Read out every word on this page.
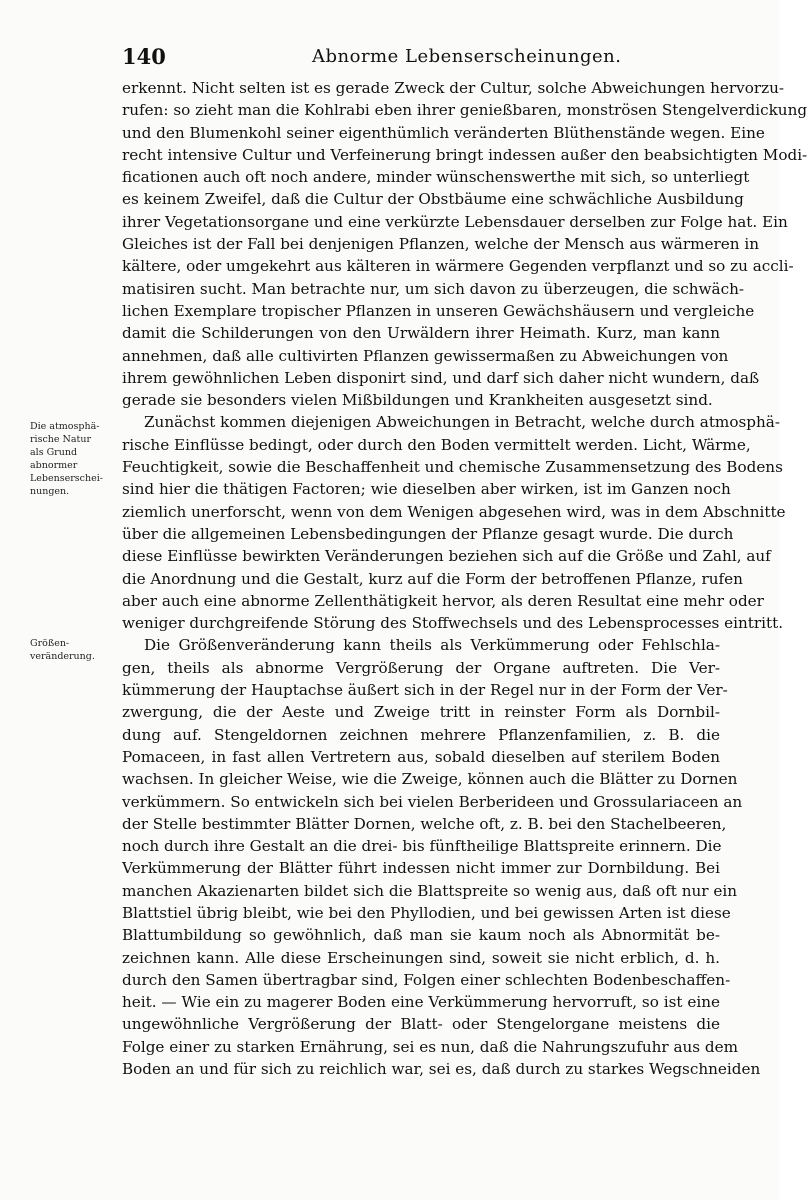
140	Abnorme Lebenserscheinungen.
Die atmosphä-
rische Natur
als Grund
abnormer
Lebenserschei-
nungen.
Größen-
veränderung.
erkennt. Nicht selten ist es gerade Zweck der Cultur, solche Abweichungen hervorzu-
rufen: so zieht man die Kohlrabi eben ihrer genießbaren, monströsen Stengelverdickung
und den Blumenkohl seiner eigenthümlich veränderten Blüthenstände wegen. Eine
recht intensive Cultur und Verfeinerung bringt indessen außer den beabsichtigten Modi-
ficationen auch oft noch andere, minder wünschenswerthe mit sich, so unterliegt
es keinem Zweifel, daß die Cultur der Obstbäume eine schwächliche Ausbildung
ihrer Vegetationsorgane und eine verkürzte Lebensdauer derselben zur Folge hat. Ein
Gleiches ist der Fall bei denjenigen Pflanzen, welche der Mensch aus wärmeren in
kältere, oder umgekehrt aus kälteren in wärmere Gegenden verpflanzt und so zu accli-
matisiren sucht. Man betrachte nur, um sich davon zu überzeugen, die schwäch-
lichen Exemplare tropischer Pflanzen in unseren Gewächshäusern und vergleiche
damit die Schilderungen von den Urwäldern ihrer Heimath. Kurz, man kann
annehmen, daß alle cultivirten Pflanzen gewissermaßen zu Abweichungen von
ihrem gewöhnlichen Leben disponirt sind, und darf sich daher nicht wundern, daß
gerade sie besonders vielen Mißbildungen und Krankheiten ausgesetzt sind.
Zunächst kommen diejenigen Abweichungen in Betracht, welche durch atmosphä-
rische Einflüsse bedingt, oder durch den Boden vermittelt werden. Licht, Wärme,
Feuchtigkeit, sowie die Beschaffenheit und chemische Zusammensetzung des Bodens
sind hier die thätigen Factoren; wie dieselben aber wirken, ist im Ganzen noch
ziemlich unerforscht, wenn von dem Wenigen abgesehen wird, was in dem Abschnitte
über die allgemeinen Lebensbedingungen der Pflanze gesagt wurde. Die durch
diese Einflüsse bewirkten Veränderungen beziehen sich auf die Größe und Zahl, auf
die Anordnung und die Gestalt, kurz auf die Form der betroffenen Pflanze, rufen
aber auch eine abnorme Zellenthätigkeit hervor, als deren Resultat eine mehr oder
weniger durchgreifende Störung des Stoffwechsels und des Lebensprocesses eintritt.
Die Größenveränderung kann theils als Verkümmerung oder Fehlschla-
gen, theils als abnorme Vergrößerung der Organe auftreten. Die Ver-
kümmerung der Hauptachse äußert sich in der Regel nur in der Form der Ver-
zwergung, die der Aeste und Zweige tritt in reinster Form als Dornbil-
dung auf. Stengeldornen zeichnen mehrere Pflanzenfamilien, z. B. die
Pomaceen, in fast allen Vertretern aus, sobald dieselben auf sterilem Boden
wachsen. In gleicher Weise, wie die Zweige, können auch die Blätter zu Dornen
verkümmern. So entwickeln sich bei vielen Berberideen und Grossulariaceen an
der Stelle bestimmter Blätter Dornen, welche oft, z. B. bei den Stachelbeeren,
noch durch ihre Gestalt an die drei- bis fünftheilige Blattspreite erinnern. Die
Verkümmerung der Blätter führt indessen nicht immer zur Dornbildung. Bei
manchen Akazienarten bildet sich die Blattspreite so wenig aus, daß oft nur ein
Blattstiel übrig bleibt, wie bei den Phyllodien, und bei gewissen Arten ist diese
Blattumbildung so gewöhnlich, daß man sie kaum noch als Abnormität be-
zeichnen kann. Alle diese Erscheinungen sind, soweit sie nicht erblich, d. h.
durch den Samen übertragbar sind, Folgen einer schlechten Bodenbeschaffen-
heit. — Wie ein zu magerer Boden eine Verkümmerung hervorruft, so ist eine
ungewöhnliche Vergrößerung der Blatt- oder Stengelorgane meistens die
Folge einer zu starken Ernährung, sei es nun, daß die Nahrungszufuhr aus dem
Boden an und für sich zu reichlich war, sei es, daß durch zu starkes Wegschneiden
